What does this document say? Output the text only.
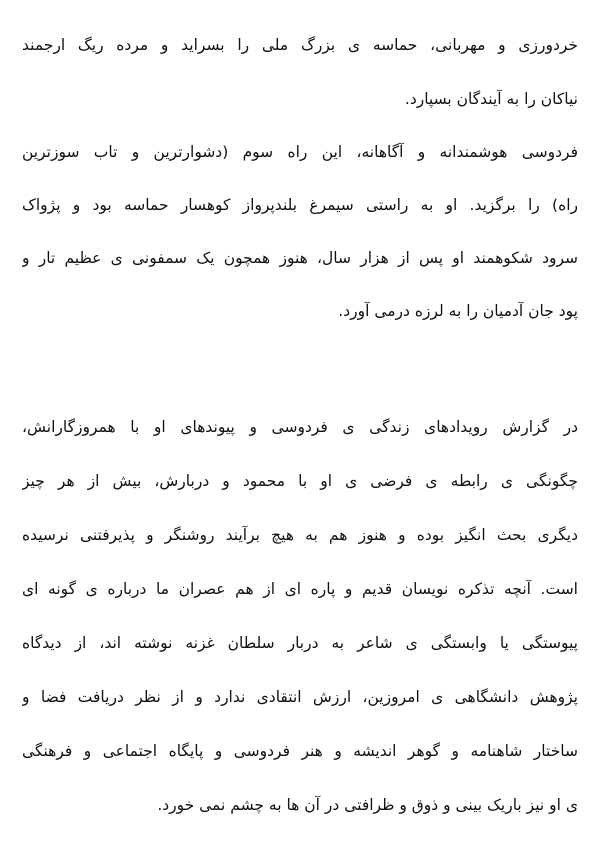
خردورزی و مهربانی، حماسه ی بزرگ ملی را بسراید و مرده ریگ ارجمند
نیاکان را به آیندگان بسپارد.
فردوسی هوشمندانه و آگاهانه، این راه سوم (دشوارترین و تاب سوزترین
راه) را برگزید. او به راستی سیمرغ بلندپرواز کوهسار حماسه بود و پژواک
سرود شکوهمند او پس از هزار سال، هنوز همچون یک سمفونی ی عظیم تار و
پود جان آدمیان را به لرزه درمی آورد.
در گزارش رویدادهای زندگی ی فردوسی و پیوندهای او با همروزگارانش،
چگونگی ی رابطه ی فرضی ی او با محمود و دربارش، بیش از هر چیز
دیگری بحث انگیز بوده و هنوز هم به هیچ برآیند روشنگر و پذیرفتنی نرسیده
است. آنچه تذکره نویسان قدیم و پاره ای از هم عصران ما درباره ی گونه ای
پیوستگی یا وابستگی ی شاعر به دربار سلطان غزنه نوشته اند، از دیدگاه
پژوهش دانشگاهی ی امروزین، ارزش انتقادی ندارد و از نظر دریافت فضا و
ساختار شاهنامه و گوهر اندیشه و هنر فردوسی و پایگاه اجتماعی و فرهنگی
ی او نیز باریک بینی و ذوق و ظرافتی در آن ها به چشم نمی خورد.
